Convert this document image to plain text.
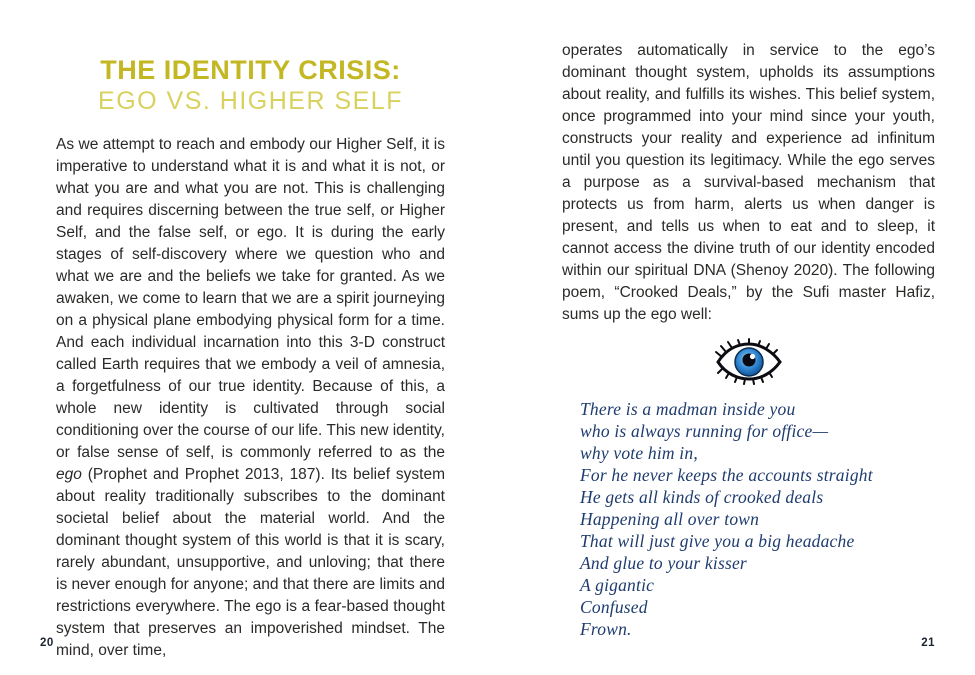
THE IDENTITY CRISIS:
EGO VS. HIGHER SELF

As we attempt to reach and embody our Higher Self, it is imperative to understand what it is and what it is not, or what you are and what you are not. This is challenging and requires discerning between the true self, or Higher Self, and the false self, or ego. It is during the early stages of self-discovery where we question who and what we are and the beliefs we take for granted. As we awaken, we come to learn that we are a spirit journeying on a physical plane embodying physical form for a time. And each individual incarnation into this 3-D construct called Earth requires that we embody a veil of amnesia, a forgetfulness of our true identity. Because of this, a whole new identity is cultivated through social conditioning over the course of our life. This new identity, or false sense of self, is commonly referred to as the ego (Prophet and Prophet 2013, 187). Its belief system about reality traditionally subscribes to the dominant societal belief about the material world. And the dominant thought system of this world is that it is scary, rarely abundant, unsupportive, and unloving; that there is never enough for anyone; and that there are limits and restrictions everywhere. The ego is a fear-based thought system that preserves an impoverished mindset. The mind, over time,

20

operates automatically in service to the ego’s dominant thought system, upholds its assumptions about reality, and fulfills its wishes. This belief system, once programmed into your mind since your youth, constructs your reality and experience ad infinitum until you question its legitimacy. While the ego serves a purpose as a survival-based mechanism that protects us from harm, alerts us when danger is present, and tells us when to eat and to sleep, it cannot access the divine truth of our identity encoded within our spiritual DNA (Shenoy 2020). The following poem, “Crooked Deals,” by the Sufi master Hafiz, sums up the ego well:

There is a madman inside you
who is always running for office—
why vote him in,
For he never keeps the accounts straight
He gets all kinds of crooked deals
Happening all over town
That will just give you a big headache
And glue to your kisser
A gigantic
Confused
Frown.
21
